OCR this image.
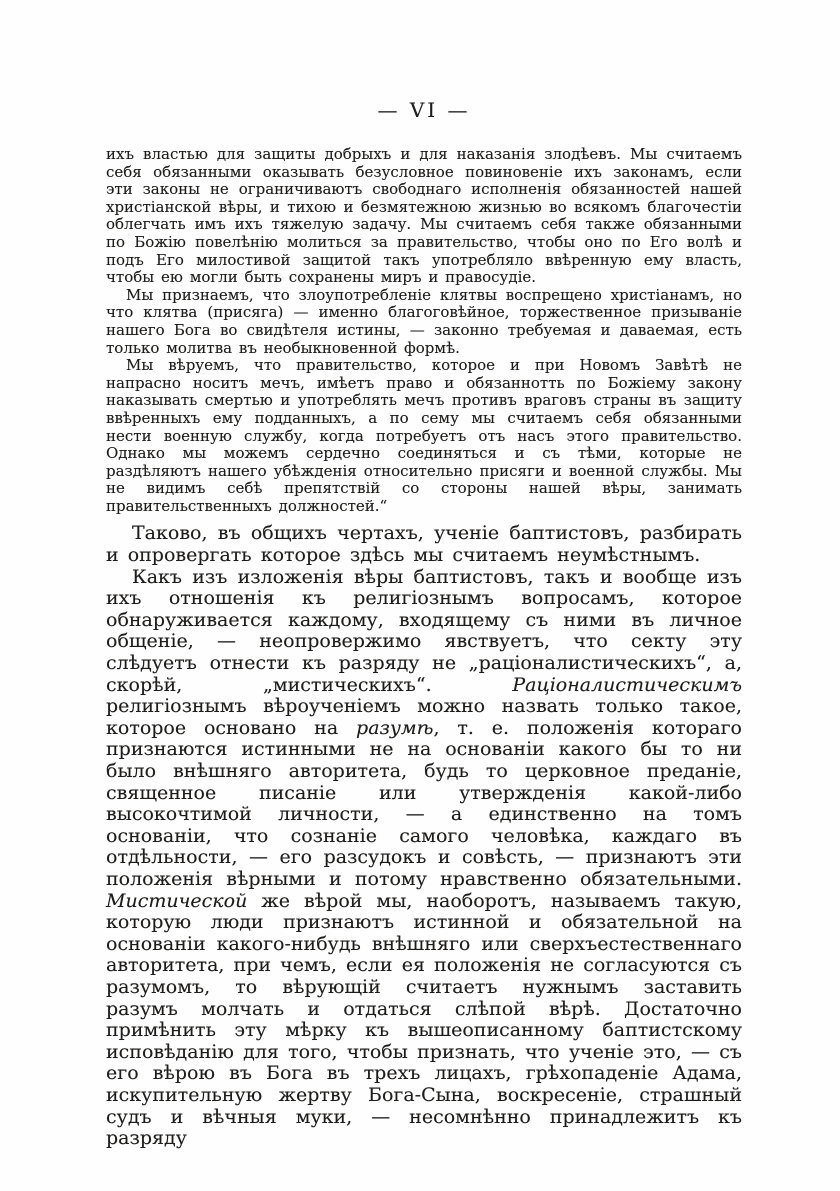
— VI —

ихъ властью для защиты добрыхъ и для наказанія злодѣевъ. Мы считаемъ себя обязанными оказывать безусловное повиновеніе ихъ законамъ, если эти законы не ограничиваютъ свободнаго исполненія обязанностей нашей христіанской вѣры, и тихою и безмятежною жизнью во всякомъ благочестіи облегчать имъ ихъ тяжелую задачу. Мы считаемъ себя также обязанными по Божію повелѣнію молиться за правительство, чтобы оно по Его волѣ и подъ Его милостивой защитой такъ употребляло ввѣренную ему власть, чтобы ею могли быть сохранены миръ и правосудіе.

Мы признаемъ, что злоупотребленіе клятвы воспрещено христіанамъ, но что клятва (присяга) — именно благоговѣйное, торжественное призываніе нашего Бога во свидѣтеля истины, — законно требуемая и даваемая, есть только молитва въ необыкновенной формѣ.

Мы вѣруемъ, что правительство, которое и при Новомъ Завѣтѣ не напрасно носитъ мечъ, имѣетъ право и обязаннотть по Божіему закону наказывать смертью и употреблять мечъ противъ враговъ страны въ защиту ввѣренныхъ ему подданныхъ, а по сему мы считаемъ себя обязанными нести военную службу, когда потребуетъ отъ насъ этого правительство. Однако мы можемъ сердечно соединяться и съ тѣми, которые не раздѣляютъ нашего убѣжденія относительно присяги и военной службы. Мы не видимъ себѣ препятствій со стороны нашей вѣры, занимать правительственныхъ должностей.“

Таково, въ общихъ чертахъ, ученіе баптистовъ, разбирать и опровергать которое здѣсь мы считаемъ неумѣстнымъ.

Какъ изъ изложенія вѣры баптистовъ, такъ и вообще изъ ихъ отношенія къ религіознымъ вопросамъ, которое обнаруживается каждому, входящему съ ними въ личное общеніе, — неопровержимо явствуетъ, что секту эту слѣдуетъ отнести къ разряду не „раціоналистическихъ“, а, скорѣй, „мистическихъ“. Раціоналистическимъ религіознымъ вѣроученіемъ можно назвать только такое, которое основано на разумѣ, т. е. положенія котораго признаются истинными не на основаніи какого бы то ни было внѣшняго авторитета, будь то церковное преданіе, священное писаніе или утвержденія какой-либо высокочтимой личности, — а единственно на томъ основаніи, что сознаніе самого человѣка, каждаго въ отдѣльности, — его разсудокъ и совѣсть, — признаютъ эти положенія вѣрными и потому нравственно обязательными. Мистической же вѣрой мы, наоборотъ, называемъ такую, которую люди признаютъ истинной и обязательной на основаніи какого-нибудь внѣшняго или сверхъестественнаго авторитета, при чемъ, если ея положенія не согласуются съ разумомъ, то вѣрующій считаетъ нужнымъ заставить разумъ молчать и отдаться слѣпой вѣрѣ. Достаточно примѣнить эту мѣрку къ вышеописанному баптистскому исповѣданію для того, чтобы признать, что ученіе это, — съ его вѣрою въ Бога въ трехъ лицахъ, грѣхопаденіе Адама, искупительную жертву Бога-Сына, воскресеніе, страшный судъ и вѣчныя муки, — несомнѣнно принадлежитъ къ разряду
